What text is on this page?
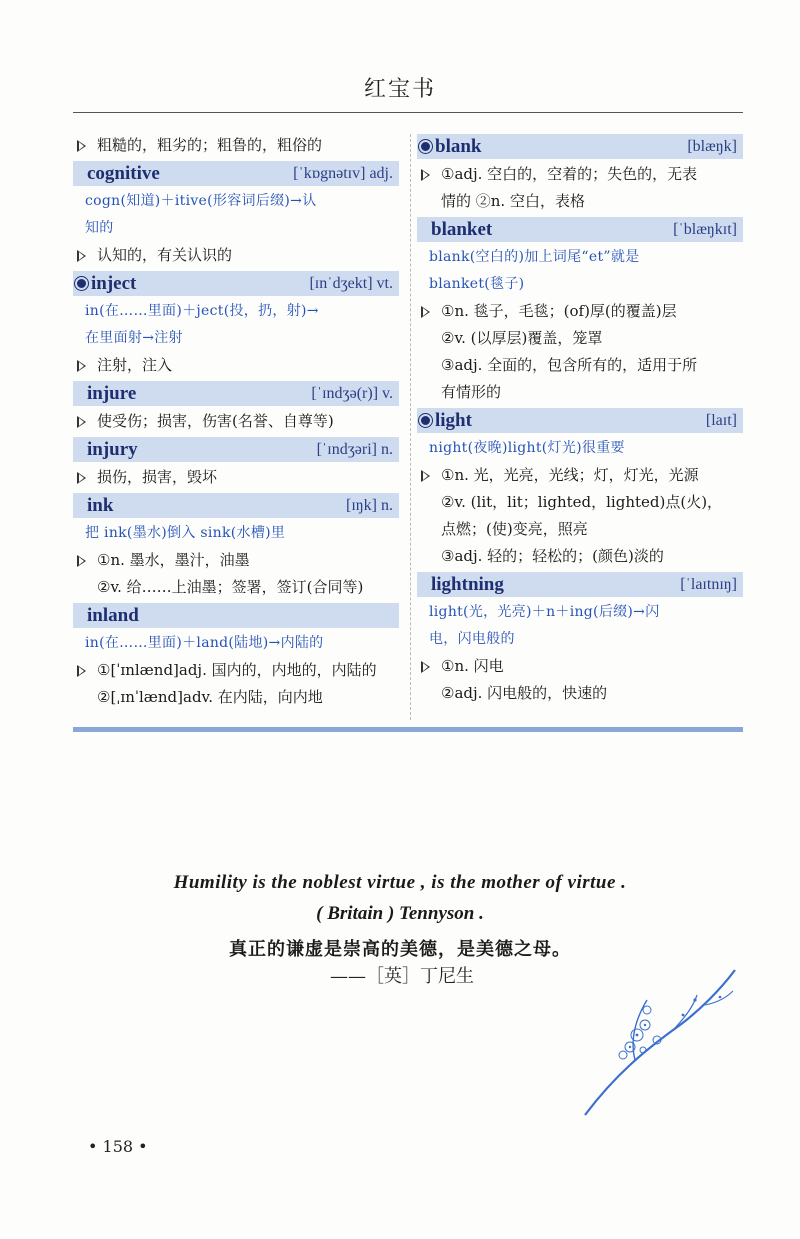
红宝书
粗糙的，粗劣的；粗鲁的，粗俗的
cognitive	[ˈkɒgnətɪv] adj.
cogn(知道)＋itive(形容词后缀)→认
知的
认知的，有关认识的
inject	[ɪnˈdʒekt] vt.
in(在……里面)＋ject(投，扔，射)→
在里面射→注射
注射，注入
injure	[ˈɪndʒə(r)] v.
使受伤；损害，伤害(名誉、自尊等)
injury	[ˈɪndʒəri] n.
损伤，损害，毁坏
ink	[ɪŋk] n.
把 ink(墨水)倒入 sink(水槽)里
①n. 墨水，墨汁，油墨
②v. 给……上油墨；签署，签订(合同等)
inland
in(在……里面)＋land(陆地)→内陆的
①[ˈɪnlænd]adj. 国内的，内地的，内陆的
②[ˌɪnˈlænd]adv. 在内陆，向内地
blank	[blæŋk]
①adj. 空白的，空着的；失色的，无表
情的 ②n. 空白，表格
blanket	[ˈblæŋkɪt]
blank(空白的)加上词尾“et”就是
blanket(毯子)
①n. 毯子，毛毯；(of)厚(的覆盖)层
②v. (以厚层)覆盖，笼罩
③adj. 全面的，包含所有的，适用于所
有情形的
light	[laɪt]
night(夜晚)light(灯光)很重要
①n. 光，光亮，光线；灯，灯光，光源
②v. (lit，lit；lighted，lighted)点(火)，
点燃；(使)变亮，照亮
③adj. 轻的；轻松的；(颜色)淡的
lightning	[ˈlaɪtnɪŋ]
light(光，光亮)＋n＋ing(后缀)→闪
电，闪电般的
①n. 闪电
②adj. 闪电般的，快速的
Humility is the noblest virtue , is the mother of virtue .
( Britain ) Tennyson .
真正的谦虚是崇高的美德，是美德之母。
——［英］丁尼生
• 158 •
